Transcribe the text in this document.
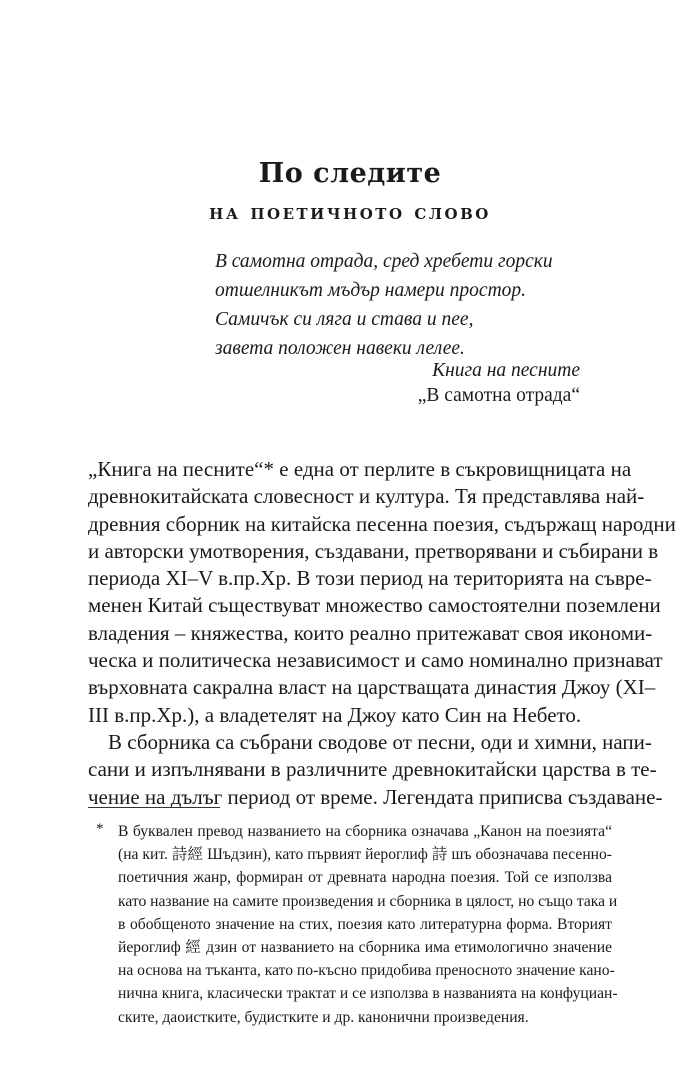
По следите
на поетичното слово
В самотна отрада, сред хребети горски
отшелникът мъдър намери простор.
Самичък си ляга и става и пее,
завета положен навеки лелее.
Книга на песните
„В самотна отрада“
„Книга на песните“* е една от перлите в съкровищницата на
древнокитайската словесност и култура. Тя представлява най-
древния сборник на китайска песенна поезия, съдържащ народни
и авторски умотворения, създавани, претворявани и събирани в
периода XI–V в.пр.Хр. В този период на територията на съвре-
менен Китай съществуват множество самостоятелни поземлени
владения – княжества, които реално притежават своя икономи-
ческа и политическа независимост и само номинално признават
върховната сакрална власт на царстващата династия Джоу (XI–
III в.пр.Хр.), а владетелят на Джоу като Син на Небето.
В сборника са събрани сводове от песни, оди и химни, напи-
сани и изпълнявани в различните древнокитайски царства в те-
чение на дълъг период от време. Легендата приписва създаване-
* В буквален превод названието на сборника означава „Канон на поезията“
(на кит. 詩經 Шъдзин), като първият йероглиф 詩 шъ обозначава песенно-
поетичния жанр, формиран от древната народна поезия. Той се използва
като название на самите произведения и сборника в цялост, но също така и
в обобщеното значение на стих, поезия като литературна форма. Вторият
йероглиф 經 дзин от названието на сборника има етимологично значение
на основа на тъканта, като по-късно придобива преносното значение кано-
нична книга, класически трактат и се използва в названията на конфуциан-
ските, даоистките, будистките и др. канонични произведения.
